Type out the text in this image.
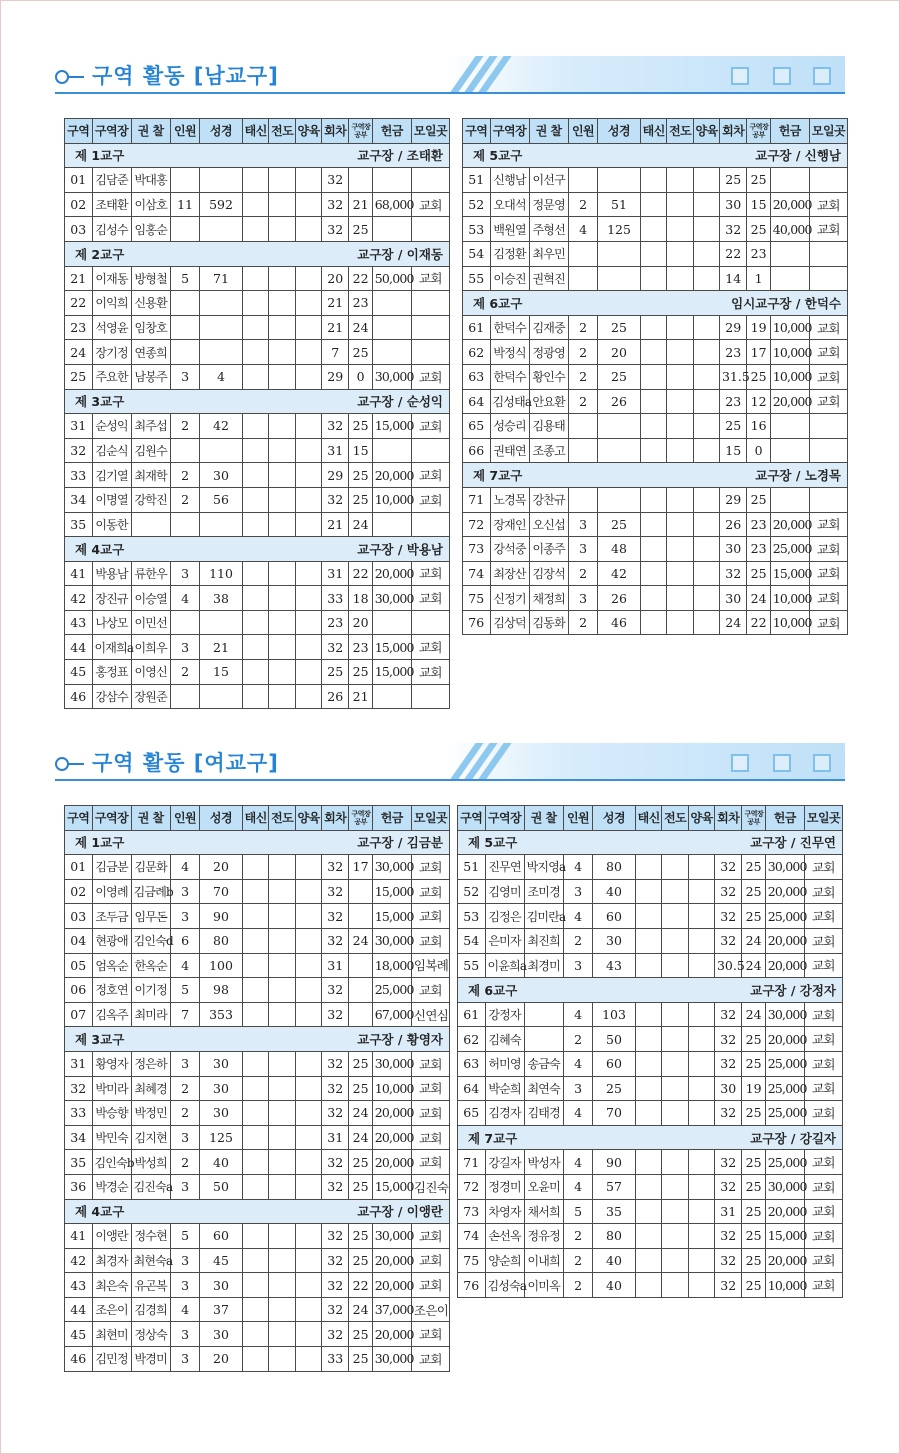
구역 활동 [남교구]
구역 활동 [여교구]
구역	구역장	권 찰	인원	성경	태신	전도	양육	회차	구역장
공부	헌금	모일곳

제 1교구 교구장 / 조태환											

01	김담준	박대홍						32			
02	조태환	이삼호	11	592				32	21	68,000	교회
03	김성수	임홍순						32	25		

제 2교구 교구장 / 이재동											

21	이재동	방형철	5	71				20	22	50,000	교회
22	이익희	신용환						21	23		
23	석영윤	임창호						21	24		
24	장기정	연종희						7	25		
25	주요한	남봉주	3	4				29	0	30,000	교회

제 3교구 교구장 / 순성익											

31	순성익	최주섭	2	42				32	25	15,000	교회
32	김순식	김원수						31	15		
33	김기열	최재학	2	30				29	25	20,000	교회
34	이명열	강학진	2	56				32	25	10,000	교회
35	이동한							21	24		

제 4교구 교구장 / 박용남											

41	박용남	류한우	3	110				31	22	20,000	교회
42	장진규	이승열	4	38				33	18	30,000	교회
43	나상모	이민선						23	20		
44	이재희a	이희우	3	21				32	23	15,000	교회
45	홍정표	이영신	2	15				25	25	15,000	교회
46	강삼수	장원준						26	21		
구역	구역장	권 찰	인원	성경	태신	전도	양육	회차	구역장
공부	헌금	모일곳

제 5교구 교구장 / 신행남											

51	신행남	이선구						25	25		
52	오대석	정문영	2	51				30	15	20,000	교회
53	백원열	주형선	4	125				32	25	40,000	교회
54	김정환	최우민						22	23		
55	이승진	권혁진						14	1		

제 6교구 임시교구장 / 한덕수											

61	한덕수	김재중	2	25				29	19	10,000	교회
62	박정식	정광영	2	20				23	17	10,000	교회
63	한덕수	황인수	2	25				31.5	25	10,000	교회
64	김성태a	안요환	2	26				23	12	20,000	교회
65	성승리	김용태						25	16		
66	권태연	조종고						15	0		

제 7교구 교구장 / 노경목											

71	노경목	강찬규						29	25		
72	장재인	오신섭	3	25				26	23	20,000	교회
73	강석중	이종주	3	48				30	23	25,000	교회
74	최장산	김장석	2	42				32	25	15,000	교회
75	신정기	채정희	3	26				30	24	10,000	교회
76	김상덕	김동화	2	46				24	22	10,000	교회
구역	구역장	권 찰	인원	성경	태신	전도	양육	회차	구역장
공부	헌금	모일곳

제 1교구 교구장 / 김금분											

01	김금분	김문화	4	20				32	17	30,000	교회
02	이영례	김금례b	3	70				32		15,000	교회
03	조두금	임무돈	3	90				32		15,000	교회
04	현광애	김인숙d	6	80				32	24	30,000	교회
05	엄옥순	한옥순	4	100				31		18,000	임복례
06	정호연	이기정	5	98				32		25,000	교회
07	김옥주	최미라	7	353				32		67,000	신연심

제 3교구 교구장 / 황영자											

31	황영자	정은하	3	30				32	25	30,000	교회
32	박미라	최혜경	2	30				32	25	10,000	교회
33	박승향	박정민	2	30				32	24	20,000	교회
34	박민숙	김지현	3	125				31	24	20,000	교회
35	김인숙b	박성희	2	40				32	25	20,000	교회
36	박경순	김진숙a	3	50				32	25	15,000	김진숙

제 4교구 교구장 / 이앵란											

41	이앵란	정수현	5	60				32	25	30,000	교회
42	최경자	최현숙a	3	45				32	25	20,000	교회
43	최은숙	유곤복	3	30				32	22	20,000	교회
44	조은이	김경희	4	37				32	24	37,000	조은이
45	최현미	정상숙	3	30				32	25	20,000	교회
46	김민정	박경미	3	20				33	25	30,000	교회
구역	구역장	권 찰	인원	성경	태신	전도	양육	회차	구역장
공부	헌금	모일곳

제 5교구 교구장 / 진무연											

51	진무연	박지영a	4	80				32	25	30,000	교회
52	김영미	조미경	3	40				32	25	20,000	교회
53	김정은	김미란a	4	60				32	25	25,000	교회
54	은미자	최진희	2	30				32	24	20,000	교회
55	이윤희a	최경미	3	43				30.5	24	20,000	교회

제 6교구 교구장 / 강정자											

61	강정자		4	103				32	24	30,000	교회
62	김혜숙		2	50				32	25	20,000	교회
63	허미영	송금숙	4	60				32	25	25,000	교회
64	박순희	최연숙	3	25				30	19	25,000	교회
65	김경자	김태경	4	70				32	25	25,000	교회

제 7교구 교구장 / 강길자											

71	강길자	박성자	4	90				32	25	25,000	교회
72	정경미	오윤미	4	57				32	25	30,000	교회
73	차영자	채서희	5	35				31	25	20,000	교회
74	손선옥	정유정	2	80				32	25	15,000	교회
75	양순희	이내희	2	40				32	25	20,000	교회
76	김성숙a	이미옥	2	40				32	25	10,000	교회
